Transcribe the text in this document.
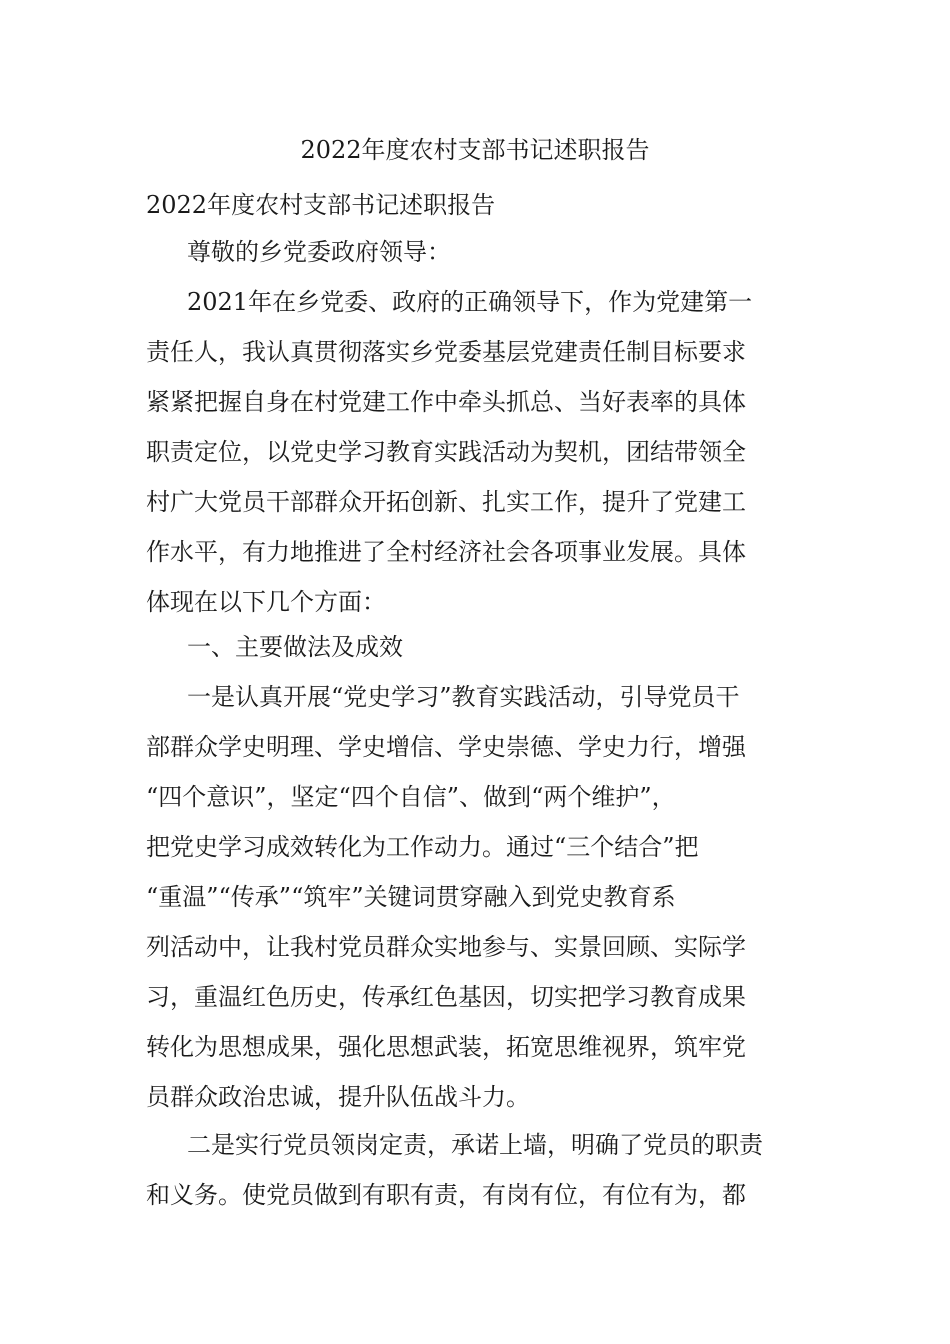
2022年度农村支部书记述职报告
2022年度农村支部书记述职报告
尊敬的乡党委政府领导：
2021年在乡党委、政府的正确领导下，作为党建第一
责任人，我认真贯彻落实乡党委基层党建责任制目标要求
紧紧把握自身在村党建工作中牵头抓总、当好表率的具体
职责定位，以党史学习教育实践活动为契机，团结带领全
村广大党员干部群众开拓创新、扎实工作，提升了党建工
作水平，有力地推进了全村经济社会各项事业发展。具体
体现在以下几个方面：
一、主要做法及成效
一是认真开展“党史学习”教育实践活动，引导党员干
部群众学史明理、学史增信、学史崇德、学史力行，增强
“四个意识”，坚定“四个自信”、做到“两个维护”，
把党史学习成效转化为工作动力。通过“三个结合”把
“重温”“传承”“筑牢”关键词贯穿融入到党史教育系
列活动中，让我村党员群众实地参与、实景回顾、实际学
习，重温红色历史，传承红色基因，切实把学习教育成果
转化为思想成果，强化思想武装，拓宽思维视界，筑牢党
员群众政治忠诚，提升队伍战斗力。
二是实行党员领岗定责，承诺上墙，明确了党员的职责
和义务。使党员做到有职有责，有岗有位，有位有为，都
